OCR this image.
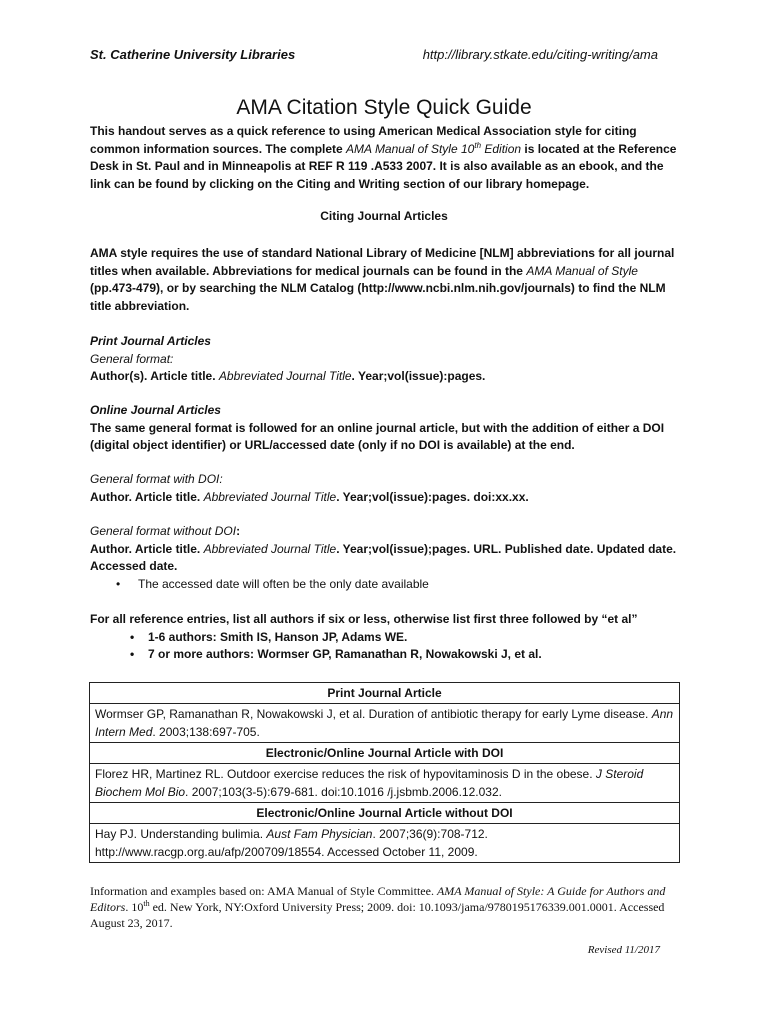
St. Catherine University Libraries	http://library.stkate.edu/citing-writing/ama
AMA Citation Style Quick Guide
This handout serves as a quick reference to using American Medical Association style for citing common information sources. The complete AMA Manual of Style 10th Edition is located at the Reference Desk in St. Paul and in Minneapolis at REF R 119 .A533 2007. It is also available as an ebook, and the link can be found by clicking on the Citing and Writing section of our library homepage.
Citing Journal Articles
AMA style requires the use of standard National Library of Medicine [NLM] abbreviations for all journal titles when available. Abbreviations for medical journals can be found in the AMA Manual of Style (pp.473-479), or by searching the NLM Catalog (http://www.ncbi.nlm.nih.gov/journals) to find the NLM title abbreviation.
Print Journal Articles
General format:
Author(s). Article title. Abbreviated Journal Title. Year;vol(issue):pages.
Online Journal Articles
The same general format is followed for an online journal article, but with the addition of either a DOI (digital object identifier) or URL/accessed date (only if no DOI is available) at the end.
General format with DOI:
Author. Article title. Abbreviated Journal Title. Year;vol(issue):pages. doi:xx.xx.
General format without DOI:
Author. Article title. Abbreviated Journal Title. Year;vol(issue);pages. URL. Published date. Updated date. Accessed date.
• The accessed date will often be the only date available
For all reference entries, list all authors if six or less, otherwise list first three followed by “et al”
• 1-6 authors: Smith IS, Hanson JP, Adams WE.
• 7 or more authors: Wormser GP, Ramanathan R, Nowakowski J, et al.
Print Journal Article
Wormser GP, Ramanathan R, Nowakowski J, et al. Duration of antibiotic therapy for early Lyme disease. Ann Intern Med. 2003;138:697-705.
Electronic/Online Journal Article with DOI
Florez HR, Martinez RL. Outdoor exercise reduces the risk of hypovitaminosis D in the obese. J Steroid Biochem Mol Bio. 2007;103(3-5):679-681. doi:10.1016 /j.jsbmb.2006.12.032.
Electronic/Online Journal Article without DOI
Hay PJ. Understanding bulimia. Aust Fam Physician. 2007;36(9):708-712. http://www.racgp.org.au/afp/200709/18554. Accessed October 11, 2009.
Information and examples based on: AMA Manual of Style Committee. AMA Manual of Style: A Guide for Authors and Editors. 10th ed. New York, NY:Oxford University Press; 2009. doi: 10.1093/jama/9780195176339.001.0001. Accessed August 23, 2017.
Revised 11/2017
